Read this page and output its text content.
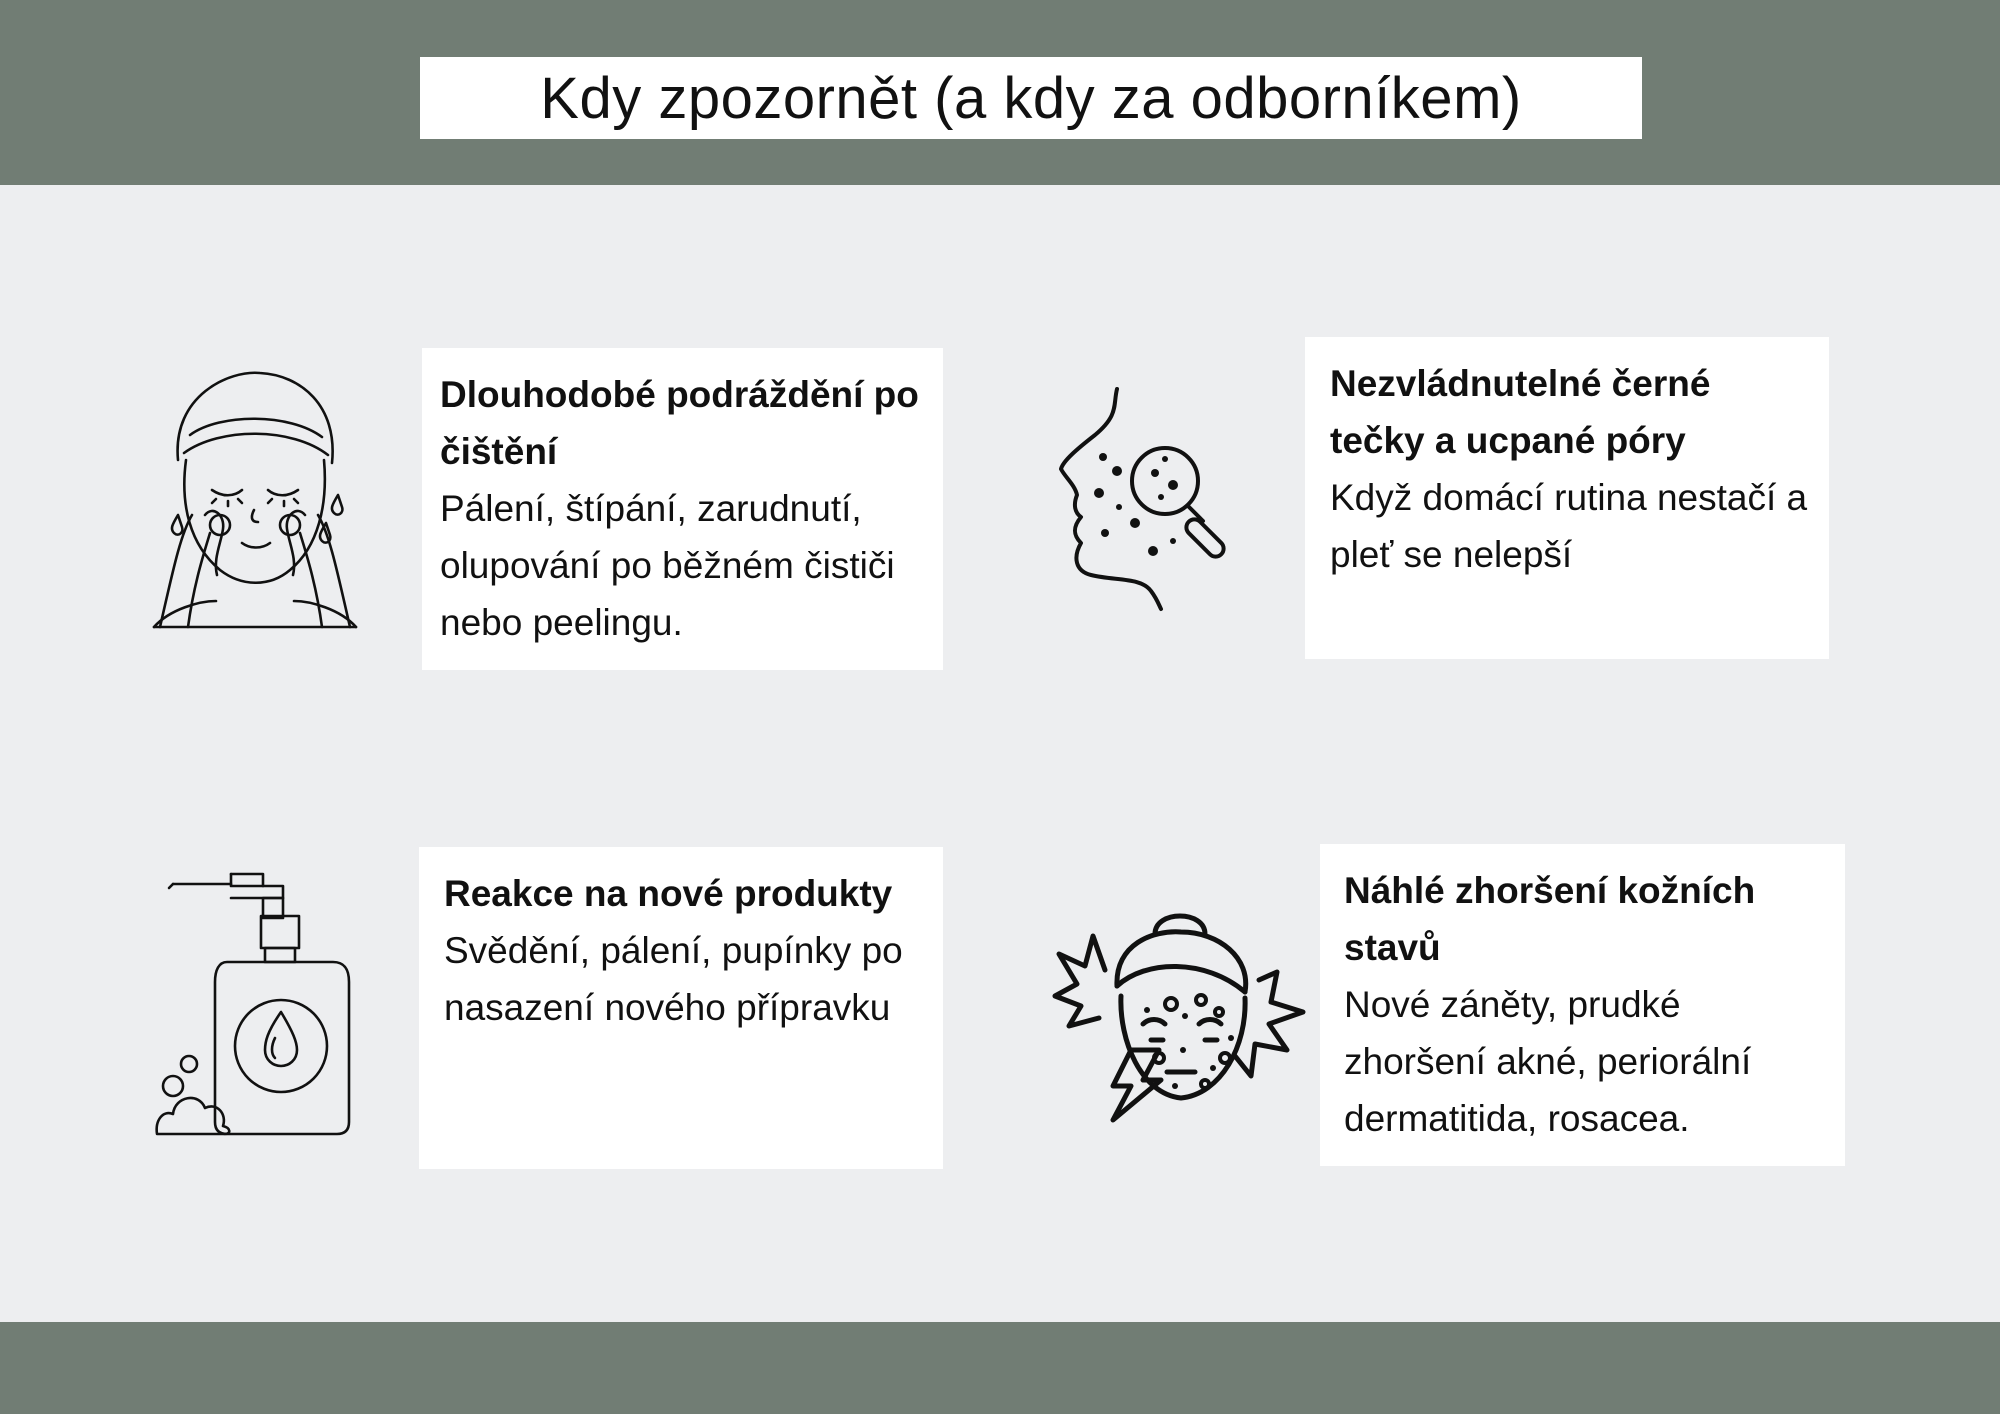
Kdy zpozornět (a kdy za odborníkem)

Dlouhodobé podráždění po čištění

Pálení, štípání, zarudnutí, olupování po běžném čističi nebo peelingu.

Nezvládnutelné černé tečky a ucpané póry

Když domácí rutina nestačí a pleť se nelepší

Reakce na nové produkty

Svědění, pálení, pupínky po nasazení nového přípravku

Náhlé zhoršení kožních stavů

Nové záněty, prudké zhoršení akné, periorální dermatitida, rosacea.
